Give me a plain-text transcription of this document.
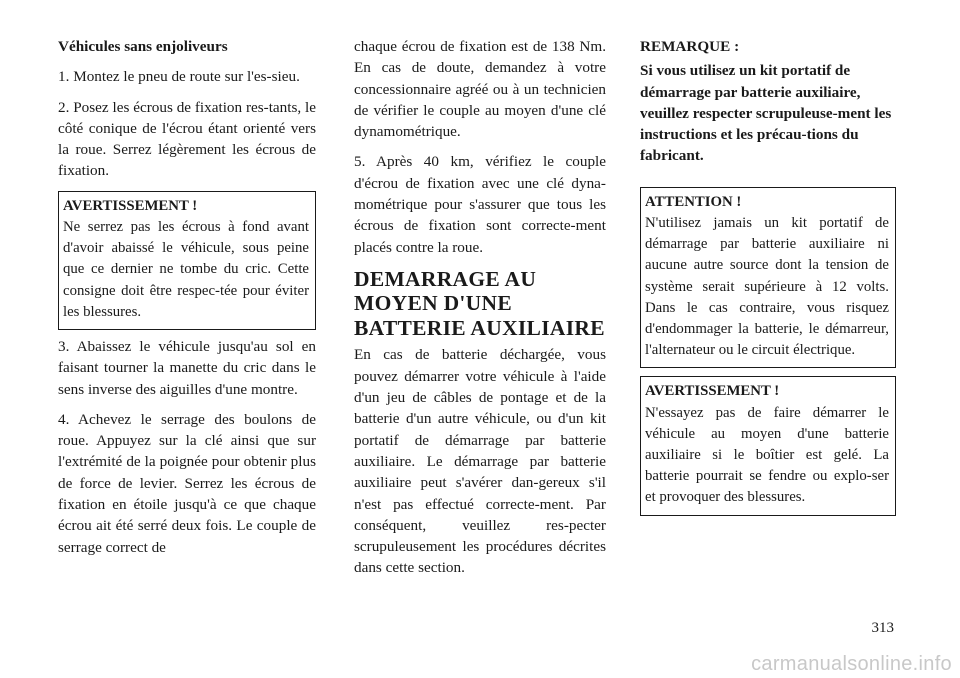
Véhicules sans enjoliveurs

1. Montez le pneu de route sur l'es-sieu.

2. Posez les écrous de fixation res-tants, le côté conique de l'écrou étant orienté vers la roue. Serrez légèrement les écrous de fixation.

AVERTISSEMENT !
Ne serrez pas les écrous à fond avant d'avoir abaissé le véhicule, sous peine que ce dernier ne tombe du cric. Cette consigne doit être respec-tée pour éviter les blessures.

3. Abaissez le véhicule jusqu'au sol en faisant tourner la manette du cric dans le sens inverse des aiguilles d'une montre.

4. Achevez le serrage des boulons de roue. Appuyez sur la clé ainsi que sur l'extrémité de la poignée pour obtenir plus de force de levier. Serrez les écrous de fixation en étoile jusqu'à ce que chaque écrou ait été serré deux fois. Le couple de serrage correct de

chaque écrou de fixation est de 138 Nm. En cas de doute, demandez à votre concessionnaire agréé ou à un technicien de vérifier le couple au moyen d'une clé dynamométrique.

5. Après 40 km, vérifiez le couple d'écrou de fixation avec une clé dyna-mométrique pour s'assurer que tous les écrous de fixation sont correcte-ment placés contre la roue.

DEMARRAGE AU MOYEN D'UNE BATTERIE AUXILIAIRE

En cas de batterie déchargée, vous pouvez démarrer votre véhicule à l'aide d'un jeu de câbles de pontage et de la batterie d'un autre véhicule, ou d'un kit portatif de démarrage par batterie auxiliaire. Le démarrage par batterie auxiliaire peut s'avérer dan-gereux s'il n'est pas effectué correcte-ment. Par conséquent, veuillez res-pecter scrupuleusement les procédures décrites dans cette section.

REMARQUE :

Si vous utilisez un kit portatif de démarrage par batterie auxiliaire, veuillez respecter scrupuleuse-ment les instructions et les précau-tions du fabricant.

ATTENTION !
N'utilisez jamais un kit portatif de démarrage par batterie auxiliaire ni aucune autre source dont la tension de système serait supérieure à 12 volts. Dans le cas contraire, vous risquez d'endommager la batterie, le démarreur, l'alternateur ou le circuit électrique.
AVERTISSEMENT !
N'essayez pas de faire démarrer le véhicule au moyen d'une batterie auxiliaire si le boîtier est gelé. La batterie pourrait se fendre ou explo-ser et provoquer des blessures.
313
carmanualsonline.info
